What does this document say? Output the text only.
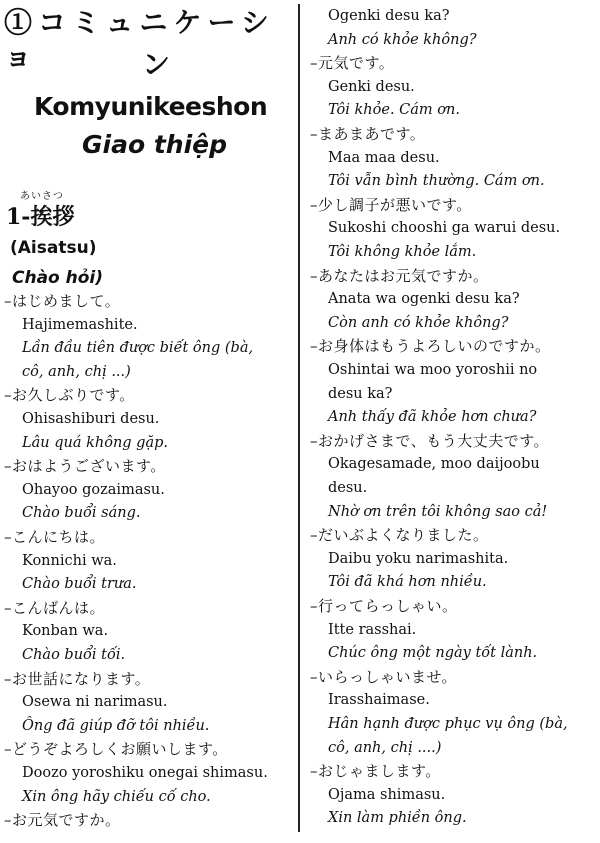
①コミュニケーショ	ン
Komyunikeeshon
Giao thiệp
あいさつ
1-挨拶
(Aisatsu)
Chào hỏi)
–はじめまして。
Hajimemashite.
Lần đầu tiên được biết ông (bà,
cô, anh, chị ...)
–お久しぶりです。
Ohisashiburi desu.
Lâu quá không gặp.
–おはようございます。
Ohayoo gozaimasu.
Chào buổi sáng.
–こんにちは。
Konnichi wa.
Chào buổi trưa.
–こんばんは。
Konban wa.
Chào buổi tối.
–お世話になります。
Osewa ni narimasu.
Ông đã giúp đỡ tôi nhiều.
–どうぞよろしくお願いします。
Doozo yoroshiku onegai shimasu.
Xin ông hãy chiếu cố cho.
–お元気ですか。
Ogenki desu ka?
Anh có khỏe không?
–元気です。
Genki desu.
Tôi khỏe. Cám ơn.
–まあまあです。
Maa maa desu.
Tôi vẫn bình thường. Cám ơn.
–少し調子が悪いです。
Sukoshi chooshi ga warui desu.
Tôi không khỏe lắm.
–あなたはお元気ですか。
Anata wa ogenki desu ka?
Còn anh có khỏe không?
–お身体はもうよろしいのですか。
Oshintai wa moo yoroshii no
desu ka?
Anh thấy đã khỏe hơn chưa?
–おかげさまで、もう大丈夫です。
Okagesamade, moo daijoobu
desu.
Nhờ ơn trên tôi không sao cả!
–だいぶよくなりました。
Daibu yoku narimashita.
Tôi đã khá hơn nhiều.
–行ってらっしゃい。
Itte rasshai.
Chúc ông một ngày tốt lành.
–いらっしゃいませ。
Irasshaimase.
Hân hạnh được phục vụ ông (bà,
cô, anh, chị ....)
–おじゃまします。
Ojama shimasu.
Xin làm phiền ông.
